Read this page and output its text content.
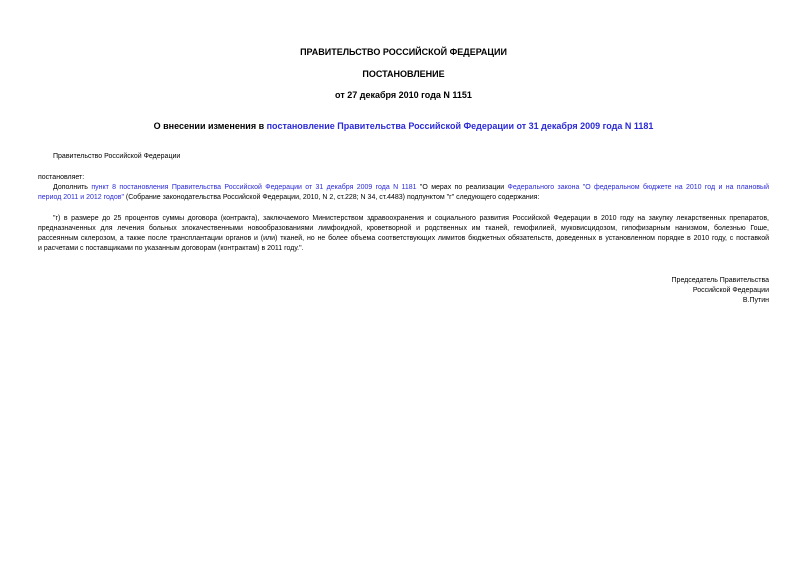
ПРАВИТЕЛЬСТВО РОССИЙСКОЙ ФЕДЕРАЦИИ
ПОСТАНОВЛЕНИЕ
от 27 декабря 2010 года N 1151
О внесении изменения в постановление Правительства Российской Федерации от 31 декабря 2009 года N 1181
Правительство Российской Федерации
постановляет:
Дополнить пункт 8 постановления Правительства Российской Федерации от 31 декабря 2009 года N 1181 "О мерах по реализации Федерального закона "О федеральном бюджете на 2010 год и на плановый
период 2011 и 2012 годов" (Собрание законодательства Российской Федерации, 2010, N 2, ст.228; N 34, ст.4483) подпунктом "г" следующего содержания:
"г) в размере до 25 процентов суммы договора (контракта), заключаемого Министерством здравоохранения и социального развития Российской Федерации в 2010 году на закупку лекарственных препаратов,
предназначенных для лечения больных злокачественными новообразованиями лимфоидной, кроветворной и родственных им тканей, гемофилией, муковисцидозом, гипофизарным нанизмом, болезнью Гоше,
рассеянным склерозом, а также после трансплантации органов и (или) тканей, но не более объема соответствующих лимитов бюджетных обязательств, доведенных в установленном порядке в 2010 году, с поставкой
и расчетами с поставщиками по указанным договорам (контрактам) в 2011 году.".
Председатель Правительства
Российской Федерации
В.Путин
